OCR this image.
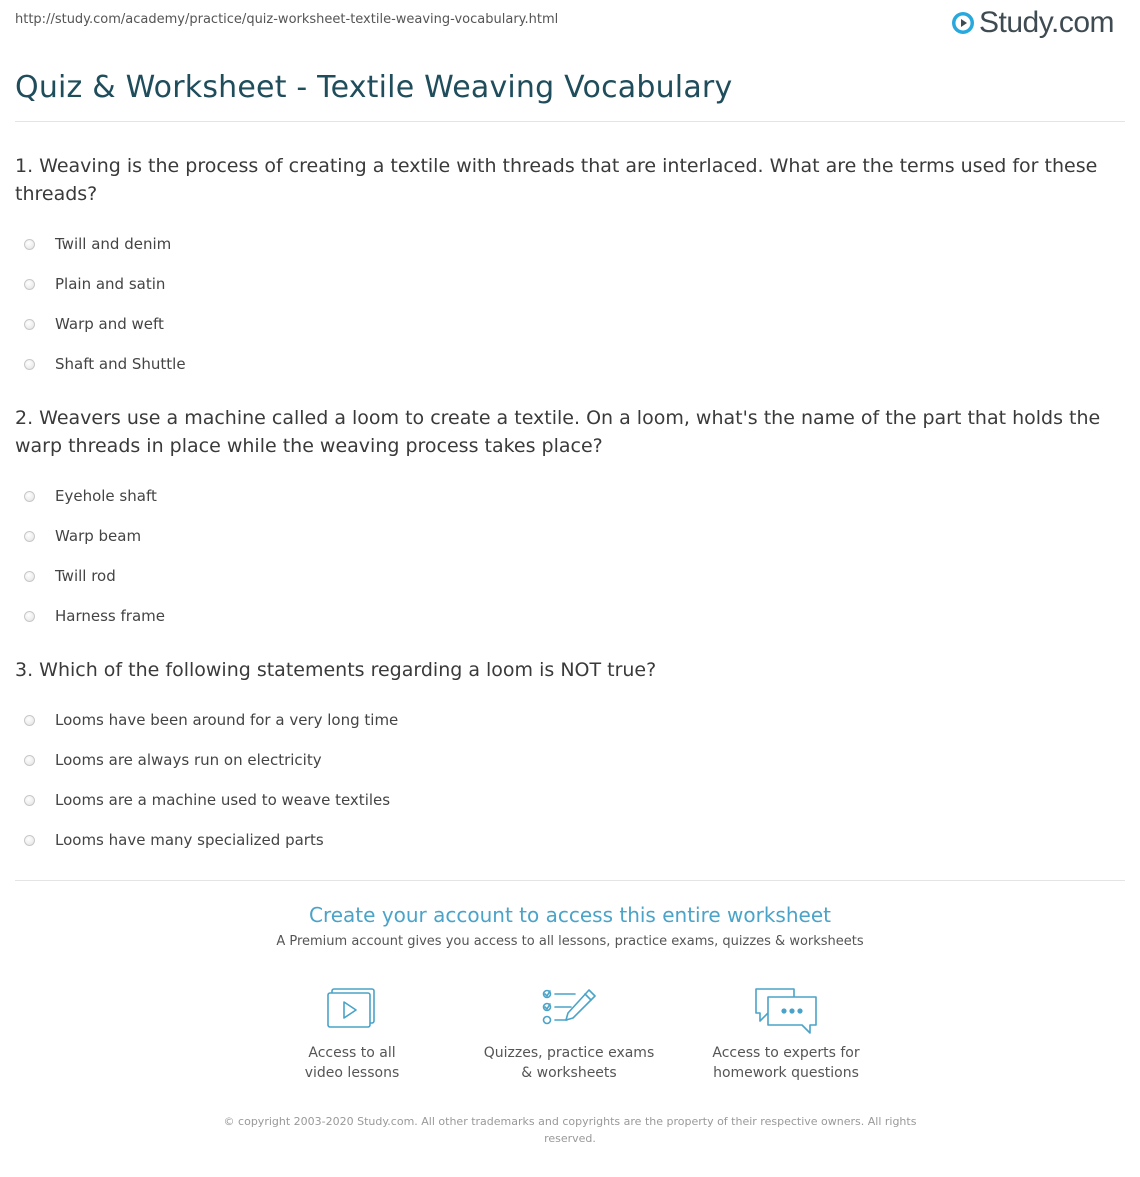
http://study.com/academy/practice/quiz-worksheet-textile-weaving-vocabulary.html	Study.com
Quiz & Worksheet - Textile Weaving Vocabulary

1. Weaving is the process of creating a textile with threads that are interlaced. What are the terms used for these threads?

Twill and denim
Plain and satin
Warp and weft
Shaft and Shuttle

2. Weavers use a machine called a loom to create a textile. On a loom, what's the name of the part that holds the warp threads in place while the weaving process takes place?

Eyehole shaft
Warp beam
Twill rod
Harness frame

3. Which of the following statements regarding a loom is NOT true?

Looms have been around for a very long time
Looms are always run on electricity
Looms are a machine used to weave textiles
Looms have many specialized parts
Create your account to access this entire worksheet
A Premium account gives you access to all lessons, practice exams, quizzes & worksheets
Access to all
video lessons
Quizzes, practice exams
& worksheets
Access to experts for
homework questions
© copyright 2003-2020 Study.com. All other trademarks and copyrights are the property of their respective owners. All rights reserved.
